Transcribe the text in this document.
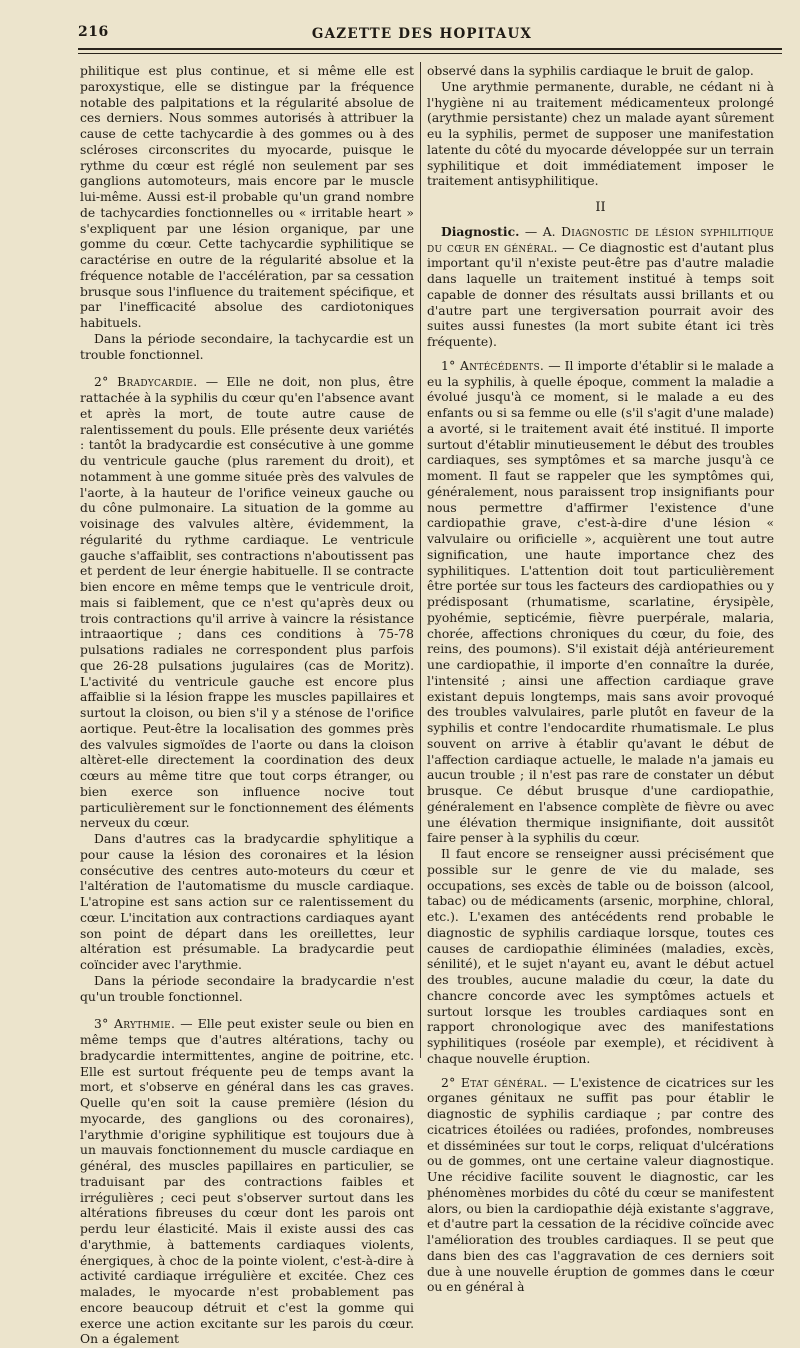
216	GAZETTE DES HOPITAUX

philitique est plus continue, et si même elle est paroxystique, elle se distingue par la fréquence notable des palpitations et la régularité absolue de ces derniers. Nous sommes autorisés à attribuer la cause de cette tachycardie à des gommes ou à des scléroses circonscrites du myocarde, puisque le rythme du cœur est réglé non seulement par ses ganglions automoteurs, mais encore par le muscle lui-même. Aussi est-il probable qu'un grand nombre de tachycardies fonctionnelles ou « irritable heart » s'expliquent par une lésion organique, par une gomme du cœur. Cette tachycardie syphilitique se caractérise en outre de la régularité absolue et la fréquence notable de l'accélération, par sa cessation brusque sous l'influence du traitement spécifique, et par l'inefficacité absolue des cardiotoniques habituels.

Dans la période secondaire, la tachycardie est un trouble fonctionnel.

2° Bradycardie. — Elle ne doit, non plus, être rattachée à la syphilis du cœur qu'en l'absence avant et après la mort, de toute autre cause de ralentissement du pouls. Elle présente deux variétés : tantôt la bradycardie est consécutive à une gomme du ventricule gauche (plus rarement du droit), et notamment à une gomme située près des valvules de l'aorte, à la hauteur de l'orifice veineux gauche ou du cône pulmonaire. La situation de la gomme au voisinage des valvules altère, évidemment, la régularité du rythme cardiaque. Le ventricule gauche s'affaiblit, ses contractions n'aboutissent pas et perdent de leur énergie habituelle. Il se contracte bien encore en même temps que le ventricule droit, mais si faiblement, que ce n'est qu'après deux ou trois contractions qu'il arrive à vaincre la résistance intraaortique ; dans ces conditions à 75-78 pulsations radiales ne correspondent plus parfois que 26-28 pulsations jugulaires (cas de Moritz). L'activité du ventricule gauche est encore plus affaiblie si la lésion frappe les muscles papillaires et surtout la cloison, ou bien s'il y a sténose de l'orifice aortique. Peut-être la localisation des gommes près des valvules sigmoïdes de l'aorte ou dans la cloison altèret-elle directement la coordination des deux cœurs au même titre que tout corps étranger, ou bien exerce son influence nocive tout particulièrement sur le fonctionnement des éléments nerveux du cœur.

Dans d'autres cas la bradycardie sphylitique a pour cause la lésion des coronaires et la lésion consécutive des centres auto-moteurs du cœur et l'altération de l'automatisme du muscle cardiaque. L'atropine est sans action sur ce ralentissement du cœur. L'incitation aux contractions cardiaques ayant son point de départ dans les oreillettes, leur altération est présumable. La bradycardie peut coïncider avec l'arythmie.

Dans la période secondaire la bradycardie n'est qu'un trouble fonctionnel.

3° Arythmie. — Elle peut exister seule ou bien en même temps que d'autres altérations, tachy ou bradycardie intermittentes, angine de poitrine, etc. Elle est surtout fréquente peu de temps avant la mort, et s'observe en général dans les cas graves. Quelle qu'en soit la cause première (lésion du myocarde, des ganglions ou des coronaires), l'arythmie d'origine syphilitique est toujours due à un mauvais fonctionnement du muscle cardiaque en général, des muscles papillaires en particulier, se traduisant par des contractions faibles et irrégulières ; ceci peut s'observer surtout dans les altérations fibreuses du cœur dont les parois ont perdu leur élasticité. Mais il existe aussi des cas d'arythmie, à battements cardiaques violents, énergiques, à choc de la pointe violent, c'est-à-dire à activité cardiaque irrégulière et excitée. Chez ces malades, le myocarde n'est probablement pas encore beaucoup détruit et c'est la gomme qui exerce une action excitante sur les parois du cœur. On a également

observé dans la syphilis cardiaque le bruit de galop.

Une arythmie permanente, durable, ne cédant ni à l'hygiène ni au traitement médicamenteux prolongé (arythmie persistante) chez un malade ayant sûrement eu la syphilis, permet de supposer une manifestation latente du côté du myocarde développée sur un terrain syphilitique et doit immédiatement imposer le traitement antisyphilitique.

II

Diagnostic. — A. Diagnostic de lésion syphilitique du cœur en général. — Ce diagnostic est d'autant plus important qu'il n'existe peut-être pas d'autre maladie dans laquelle un traitement institué à temps soit capable de donner des résultats aussi brillants et ou d'autre part une tergiversation pourrait avoir des suites aussi funestes (la mort subite étant ici très fréquente).

1° Antécédents. — Il importe d'établir si le malade a eu la syphilis, à quelle époque, comment la maladie a évolué jusqu'à ce moment, si le malade a eu des enfants ou si sa femme ou elle (s'il s'agit d'une malade) a avorté, si le traitement avait été institué. Il importe surtout d'établir minutieusement le début des troubles cardiaques, ses symptômes et sa marche jusqu'à ce moment. Il faut se rappeler que les symptômes qui, généralement, nous paraissent trop insignifiants pour nous permettre d'affirmer l'existence d'une cardiopathie grave, c'est-à-dire d'une lésion « valvulaire ou orificielle », acquièrent une tout autre signification, une haute importance chez des syphilitiques. L'attention doit tout particulièrement être portée sur tous les facteurs des cardiopathies ou y prédisposant (rhumatisme, scarlatine, érysipèle, pyohémie, septicémie, fièvre puerpérale, malaria, chorée, affections chroniques du cœur, du foie, des reins, des poumons). S'il existait déjà antérieurement une cardiopathie, il importe d'en connaître la durée, l'intensité ; ainsi une affection cardiaque grave existant depuis longtemps, mais sans avoir provoqué des troubles valvulaires, parle plutôt en faveur de la syphilis et contre l'endocardite rhumatismale. Le plus souvent on arrive à établir qu'avant le début de l'affection cardiaque actuelle, le malade n'a jamais eu aucun trouble ; il n'est pas rare de constater un début brusque. Ce début brusque d'une cardiopathie, généralement en l'absence complète de fièvre ou avec une élévation thermique insignifiante, doit aussitôt faire penser à la syphilis du cœur.

Il faut encore se renseigner aussi précisément que possible sur le genre de vie du malade, ses occupations, ses excès de table ou de boisson (alcool, tabac) ou de médicaments (arsenic, morphine, chloral, etc.). L'examen des antécédents rend probable le diagnostic de syphilis cardiaque lorsque, toutes ces causes de cardiopathie éliminées (maladies, excès, sénilité), et le sujet n'ayant eu, avant le début actuel des troubles, aucune maladie du cœur, la date du chancre concorde avec les symptômes actuels et surtout lorsque les troubles cardiaques sont en rapport chronologique avec des manifestations syphilitiques (roséole par exemple), et récidivent à chaque nouvelle éruption.

2° Etat général. — L'existence de cicatrices sur les organes génitaux ne suffit pas pour établir le diagnostic de syphilis cardiaque ; par contre des cicatrices étoilées ou radiées, profondes, nombreuses et disséminées sur tout le corps, reliquat d'ulcérations ou de gommes, ont une certaine valeur diagnostique. Une récidive facilite souvent le diagnostic, car les phénomènes morbides du côté du cœur se manifestent alors, ou bien la cardiopathie déjà existante s'aggrave, et d'autre part la cessation de la récidive coïncide avec l'amélioration des troubles cardiaques. Il se peut que dans bien des cas l'aggravation de ces derniers soit due à une nouvelle éruption de gommes dans le cœur ou en général à
